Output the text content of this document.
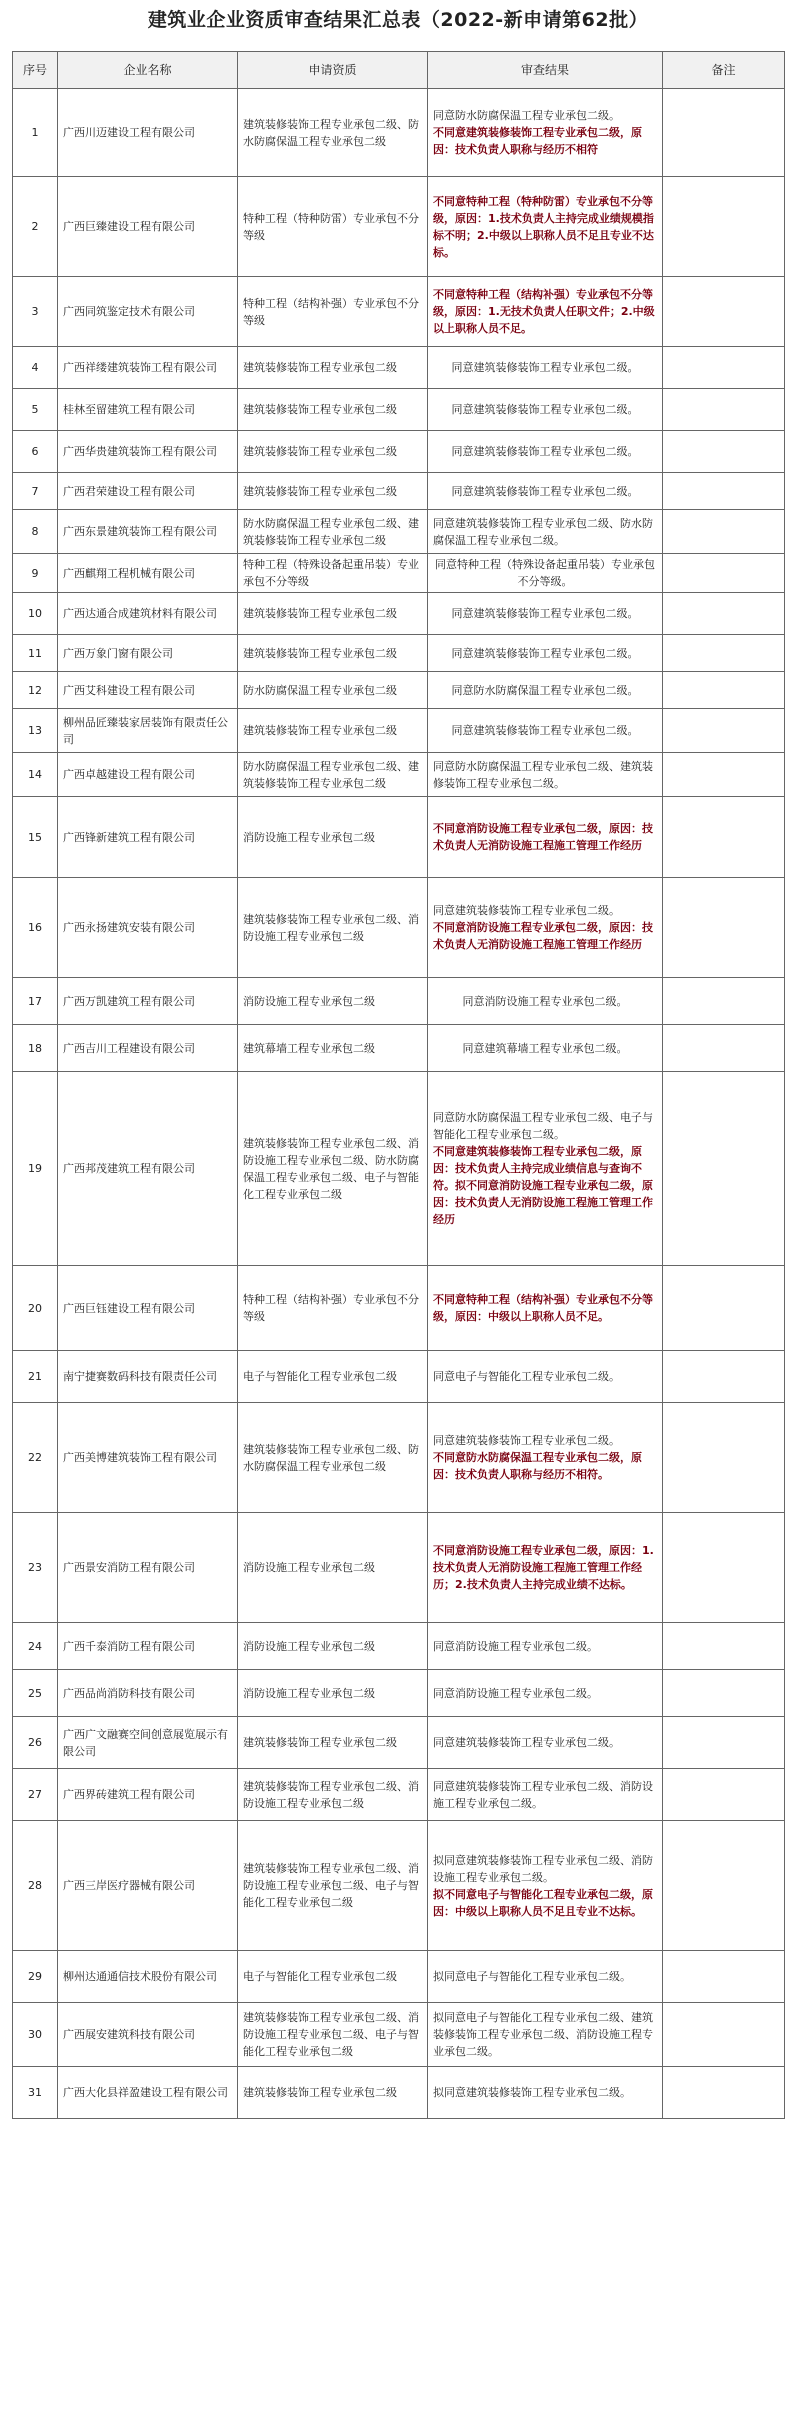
建筑业企业资质审查结果汇总表（2022-新申请第62批）
序号	企业名称	申请资质	审查结果	备注
1	广西川迈建设工程有限公司	建筑装修装饰工程专业承包二级、防水防腐保温工程专业承包二级	同意防水防腐保温工程专业承包二级。
不同意建筑装修装饰工程专业承包二级，原因：技术负责人职称与经历不相符	

2	广西巨臻建设工程有限公司	特种工程（特种防雷）专业承包不分等级	不同意特种工程（特种防雷）专业承包不分等级，原因：1.技术负责人主持完成业绩规模指标不明；2.中级以上职称人员不足且专业不达标。	

3	广西同筑鉴定技术有限公司	特种工程（结构补强）专业承包不分等级	不同意特种工程（结构补强）专业承包不分等级，原因：1.无技术负责人任职文件；2.中级以上职称人员不足。	

4	广西祥缕建筑装饰工程有限公司	建筑装修装饰工程专业承包二级	同意建筑装修装饰工程专业承包二级。	

5	桂林至留建筑工程有限公司	建筑装修装饰工程专业承包二级	同意建筑装修装饰工程专业承包二级。	

6	广西华贵建筑装饰工程有限公司	建筑装修装饰工程专业承包二级	同意建筑装修装饰工程专业承包二级。	

7	广西君荣建设工程有限公司	建筑装修装饰工程专业承包二级	同意建筑装修装饰工程专业承包二级。	

8	广西东景建筑装饰工程有限公司	防水防腐保温工程专业承包二级、建筑装修装饰工程专业承包二级	同意建筑装修装饰工程专业承包二级、防水防腐保温工程专业承包二级。	

9	广西麒翔工程机械有限公司	特种工程（特殊设备起重吊装）专业承包不分等级	同意特种工程（特殊设备起重吊装）专业承包不分等级。	

10	广西达通合成建筑材料有限公司	建筑装修装饰工程专业承包二级	同意建筑装修装饰工程专业承包二级。	

11	广西万象门窗有限公司	建筑装修装饰工程专业承包二级	同意建筑装修装饰工程专业承包二级。	

12	广西艾科建设工程有限公司	防水防腐保温工程专业承包二级	同意防水防腐保温工程专业承包二级。	

13	柳州品匠臻装家居装饰有限责任公司	建筑装修装饰工程专业承包二级	同意建筑装修装饰工程专业承包二级。	

14	广西卓越建设工程有限公司	防水防腐保温工程专业承包二级、建筑装修装饰工程专业承包二级	同意防水防腐保温工程专业承包二级、建筑装修装饰工程专业承包二级。	

15	广西锋新建筑工程有限公司	消防设施工程专业承包二级	不同意消防设施工程专业承包二级，原因：技术负责人无消防设施工程施工管理工作经历	

16	广西永扬建筑安装有限公司	建筑装修装饰工程专业承包二级、消防设施工程专业承包二级	同意建筑装修装饰工程专业承包二级。
不同意消防设施工程专业承包二级，原因：技术负责人无消防设施工程施工管理工作经历	

17	广西万凯建筑工程有限公司	消防设施工程专业承包二级	同意消防设施工程专业承包二级。	

18	广西吉川工程建设有限公司	建筑幕墙工程专业承包二级	同意建筑幕墙工程专业承包二级。	

19	广西邦茂建筑工程有限公司	建筑装修装饰工程专业承包二级、消防设施工程专业承包二级、防水防腐保温工程专业承包二级、电子与智能化工程专业承包二级	同意防水防腐保温工程专业承包二级、电子与智能化工程专业承包二级。
不同意建筑装修装饰工程专业承包二级，原因：技术负责人主持完成业绩信息与查询不符。拟不同意消防设施工程专业承包二级，原因：技术负责人无消防设施工程施工管理工作经历	

20	广西巨钰建设工程有限公司	特种工程（结构补强）专业承包不分等级	不同意特种工程（结构补强）专业承包不分等级，原因：中级以上职称人员不足。	

21	南宁捷赛数码科技有限责任公司	电子与智能化工程专业承包二级	同意电子与智能化工程专业承包二级。	

22	广西美博建筑装饰工程有限公司	建筑装修装饰工程专业承包二级、防水防腐保温工程专业承包二级	同意建筑装修装饰工程专业承包二级。
不同意防水防腐保温工程专业承包二级，原因：技术负责人职称与经历不相符。	

23	广西景安消防工程有限公司	消防设施工程专业承包二级	不同意消防设施工程专业承包二级，原因：1.技术负责人无消防设施工程施工管理工作经历；2.技术负责人主持完成业绩不达标。	

24	广西千泰消防工程有限公司	消防设施工程专业承包二级	同意消防设施工程专业承包二级。	

25	广西品尚消防科技有限公司	消防设施工程专业承包二级	同意消防设施工程专业承包二级。	

26	广西广文融赛空间创意展览展示有限公司	建筑装修装饰工程专业承包二级	同意建筑装修装饰工程专业承包二级。	

27	广西界砖建筑工程有限公司	建筑装修装饰工程专业承包二级、消防设施工程专业承包二级	同意建筑装修装饰工程专业承包二级、消防设施工程专业承包二级。	

28	广西三岸医疗器械有限公司	建筑装修装饰工程专业承包二级、消防设施工程专业承包二级、电子与智能化工程专业承包二级	拟同意建筑装修装饰工程专业承包二级、消防设施工程专业承包二级。
拟不同意电子与智能化工程专业承包二级，原因：中级以上职称人员不足且专业不达标。	

29	柳州达通通信技术股份有限公司	电子与智能化工程专业承包二级	拟同意电子与智能化工程专业承包二级。	

30	广西展安建筑科技有限公司	建筑装修装饰工程专业承包二级、消防设施工程专业承包二级、电子与智能化工程专业承包二级	拟同意电子与智能化工程专业承包二级、建筑装修装饰工程专业承包二级、消防设施工程专业承包二级。	

31	广西大化县祥盈建设工程有限公司	建筑装修装饰工程专业承包二级	拟同意建筑装修装饰工程专业承包二级。	
